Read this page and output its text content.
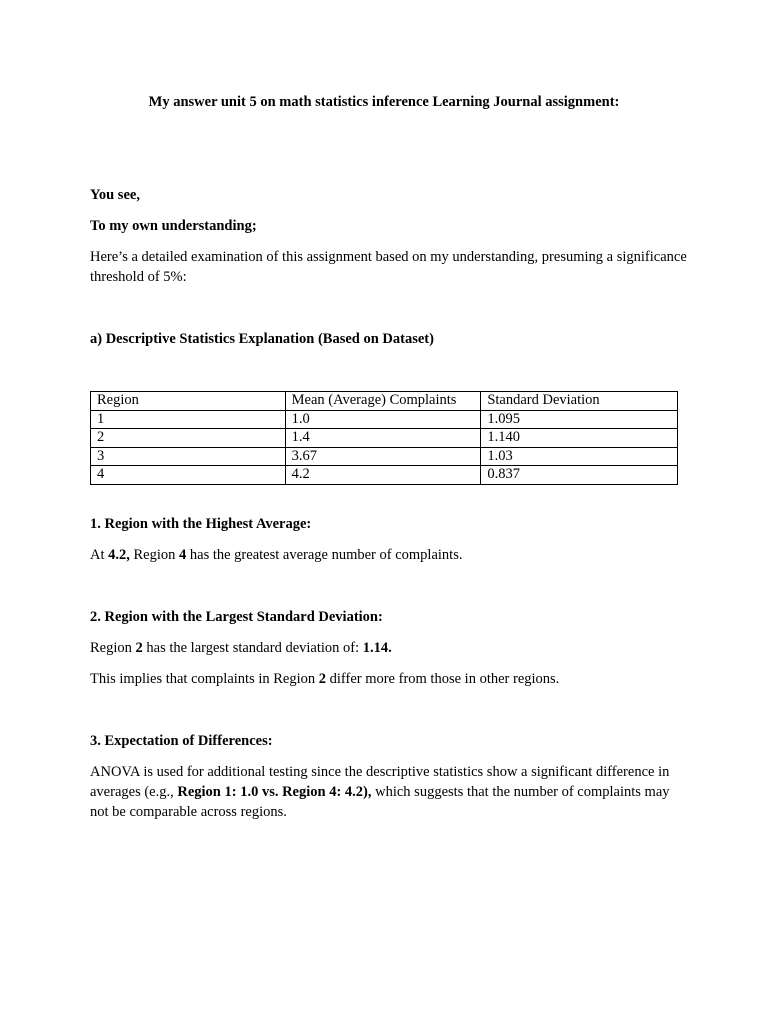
My answer unit 5 on math statistics inference Learning Journal assignment:

You see,

To my own understanding;

Here’s a detailed examination of this assignment based on my understanding, presuming a significance threshold of 5%:

a) Descriptive Statistics Explanation (Based on Dataset)

Region	Mean (Average) Complaints	Standard Deviation
1	1.0	1.095
2	1.4	1.140
3	3.67	1.03
4	4.2	0.837

1. Region with the Highest Average:

At 4.2, Region 4 has the greatest average number of complaints.

2. Region with the Largest Standard Deviation:

Region 2 has the largest standard deviation of: 1.14.

This implies that complaints in Region 2 differ more from those in other regions.

3. Expectation of Differences:

ANOVA is used for additional testing since the descriptive statistics show a significant difference in averages (e.g., Region 1: 1.0 vs. Region 4: 4.2), which suggests that the number of complaints may not be comparable across regions.
